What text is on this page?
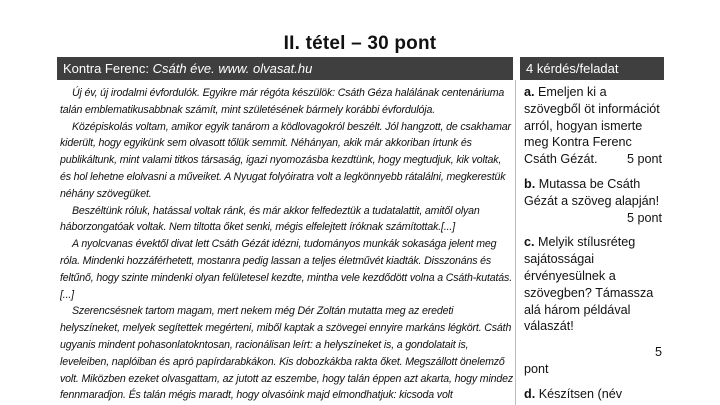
II. tétel – 30 pont
Kontra Ferenc: Csáth éve. www. olvasat.hu	4 kérdés/feladat

Új év, új irodalmi évfordulók. Egyikre már régóta készülök: Csáth Géza halálának centenáriuma talán emblematikusabbnak számít, mint születésének bármely korábbi évfordulója.

Középiskolás voltam, amikor egyik tanárom a ködlovagokról beszélt. Jól hangzott, de csakhamar kiderült, hogy egyikünk sem olvasott tőlük semmit. Néhányan, akik már akkoriban írtunk és publikáltunk, mint valami titkos társaság, igazi nyomozásba kezdtünk, hogy megtudjuk, kik voltak, és hol lehetne elolvasni a műveiket. A Nyugat folyóiratra volt a legkönnyebb rátalálni, megkerestük néhány szövegüket.

Beszéltünk róluk, hatással voltak ránk, és már akkor felfedeztük a tudatalattit, amitől olyan háborzongatóak voltak. Nem tiltotta őket senki, mégis elfelejtett íróknak számítottak.[...]

A nyolcvanas évektől divat lett Csáth Gézát idézni, tudományos munkák sokasága jelent meg róla. Mindenki hozzáférhetett, mostanra pedig lassan a teljes életművét kiadták. Disszonáns és feltűnő, hogy szinte mindenki olyan felületesel kezdte, mintha vele kezdődött volna a Csáth-kutatás. [...]

Szerencsésnek tartom magam, mert nekem még Dér Zoltán mutatta meg az eredeti helyszíneket, melyek segítettek megérteni, miből kaptak a szövegei ennyire markáns légkört. Csáth ugyanis mindent pohasonlatokntosan, racionálisan leírt: a helyszíneket is, a gondolatait is, leveleiben, naplóiban és apró papírdarabkákon. Kis dobozkákba rakta őket. Megszállott önelemző volt. Miközben ezeket olvasgattam, az jutott az eszembe, hogy talán éppen azt akarta, hogy mindez fennmaradjon. És talán mégis maradt, hogy olvasóink majd elmondhatjuk: kicsoda volt

a. Emeljen ki a szövegből öt információt arról, hogyan ismerte meg Kontra Ferenc Csáth Gézát. 5 pont
b. Mutassa be Csáth Gézát a szöveg alapján!
5 pont
c. Melyik stílusréteg sajátosságai érvényesülnek a szövegben? Támassza alá három példával válaszát!
5
pont
d. Készítsen (név
